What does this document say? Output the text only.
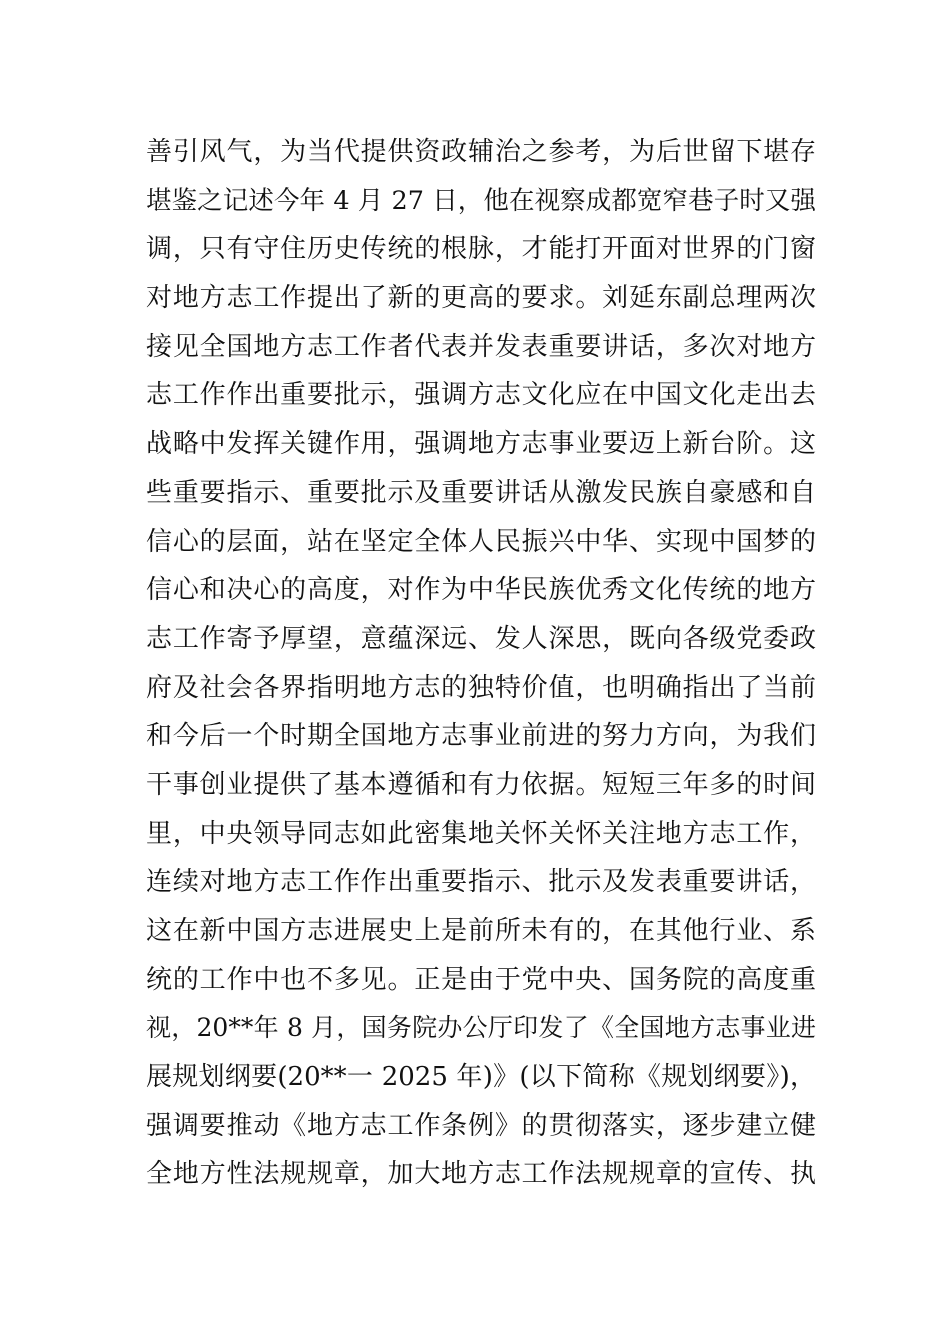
善引风气，为当代提供资政辅治之参考，为后世留下堪存
堪鉴之记述今年 4 月 27 日，他在视察成都宽窄巷子时又强
调，只有守住历史传统的根脉，才能打开面对世界的门窗
对地方志工作提出了新的更高的要求。刘延东副总理两次
接见全国地方志工作者代表并发表重要讲话，多次对地方
志工作作出重要批示，强调方志文化应在中国文化走出去
战略中发挥关键作用，强调地方志事业要迈上新台阶。这
些重要指示、重要批示及重要讲话从激发民族自豪感和自
信心的层面，站在坚定全体人民振兴中华、实现中国梦的
信心和决心的高度，对作为中华民族优秀文化传统的地方
志工作寄予厚望，意蕴深远、发人深思，既向各级党委政
府及社会各界指明地方志的独特价值，也明确指出了当前
和今后一个时期全国地方志事业前进的努力方向，为我们
干事创业提供了基本遵循和有力依据。短短三年多的时间
里，中央领导同志如此密集地关怀关怀关注地方志工作，
连续对地方志工作作出重要指示、批示及发表重要讲话，
这在新中国方志进展史上是前所未有的，在其他行业、系
统的工作中也不多见。正是由于党中央、国务院的高度重
视，20**年 8 月，国务院办公厅印发了《全国地方志事业进
展规划纲要(20**一 2025 年)》(以下简称《规划纲要》)，
强调要推动《地方志工作条例》的贯彻落实，逐步建立健
全地方性法规规章，加大地方志工作法规规章的宣传、执
